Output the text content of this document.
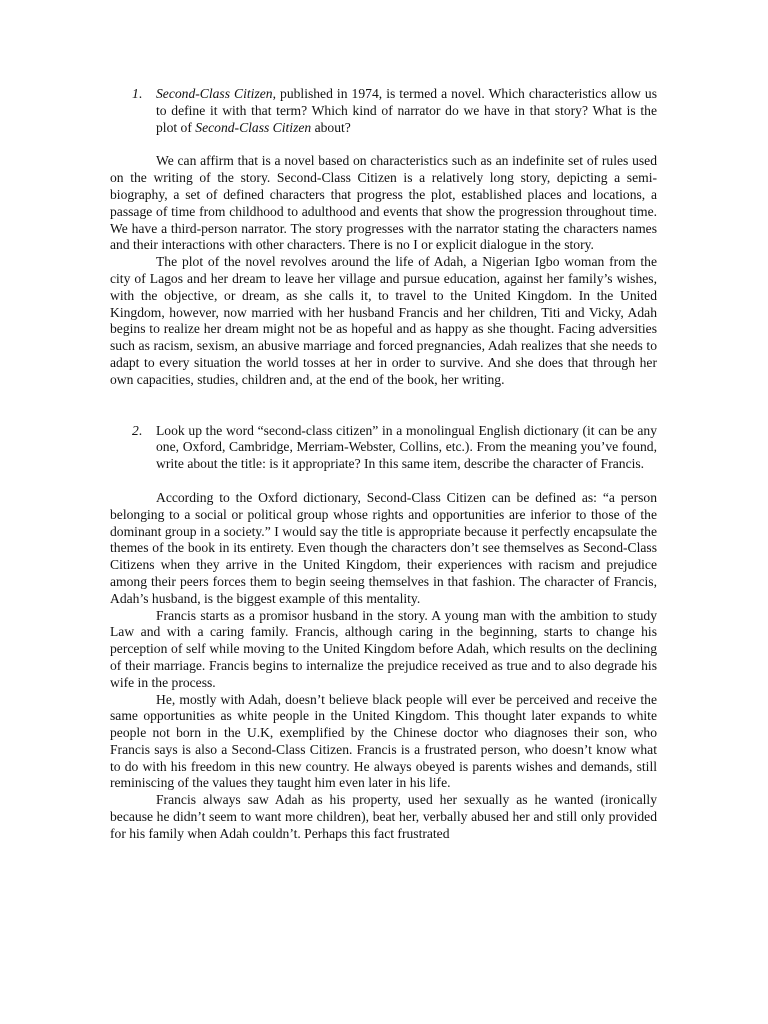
1. Second-Class Citizen, published in 1974, is termed a novel. Which characteristics allow us to define it with that term? Which kind of narrator do we have in that story? What is the plot of Second-Class Citizen about?

We can affirm that is a novel based on characteristics such as an indefinite set of rules used on the writing of the story. Second-Class Citizen is a relatively long story, depicting a semi-biography, a set of defined characters that progress the plot, established places and locations, a passage of time from childhood to adulthood and events that show the progression throughout time. We have a third-person narrator. The story progresses with the narrator stating the characters names and their interactions with other characters. There is no I or explicit dialogue in the story.

The plot of the novel revolves around the life of Adah, a Nigerian Igbo woman from the city of Lagos and her dream to leave her village and pursue education, against her family’s wishes, with the objective, or dream, as she calls it, to travel to the United Kingdom. In the United Kingdom, however, now married with her husband Francis and her children, Titi and Vicky, Adah begins to realize her dream might not be as hopeful and as happy as she thought. Facing adversities such as racism, sexism, an abusive marriage and forced pregnancies, Adah realizes that she needs to adapt to every situation the world tosses at her in order to survive. And she does that through her own capacities, studies, children and, at the end of the book, her writing.

2. Look up the word “second-class citizen” in a monolingual English dictionary (it can be any one, Oxford, Cambridge, Merriam-Webster, Collins, etc.). From the meaning you’ve found, write about the title: is it appropriate? In this same item, describe the character of Francis.

According to the Oxford dictionary, Second-Class Citizen can be defined as: “a person belonging to a social or political group whose rights and opportunities are inferior to those of the dominant group in a society.” I would say the title is appropriate because it perfectly encapsulate the themes of the book in its entirety. Even though the characters don’t see themselves as Second-Class Citizens when they arrive in the United Kingdom, their experiences with racism and prejudice among their peers forces them to begin seeing themselves in that fashion. The character of Francis, Adah’s husband, is the biggest example of this mentality.

Francis starts as a promisor husband in the story. A young man with the ambition to study Law and with a caring family. Francis, although caring in the beginning, starts to change his perception of self while moving to the United Kingdom before Adah, which results on the declining of their marriage. Francis begins to internalize the prejudice received as true and to also degrade his wife in the process.

He, mostly with Adah, doesn’t believe black people will ever be perceived and receive the same opportunities as white people in the United Kingdom. This thought later expands to white people not born in the U.K, exemplified by the Chinese doctor who diagnoses their son, who Francis says is also a Second-Class Citizen. Francis is a frustrated person, who doesn’t know what to do with his freedom in this new country. He always obeyed is parents wishes and demands, still reminiscing of the values they taught him even later in his life.

Francis always saw Adah as his property, used her sexually as he wanted (ironically because he didn’t seem to want more children), beat her, verbally abused her and still only provided for his family when Adah couldn’t. Perhaps this fact frustrated
